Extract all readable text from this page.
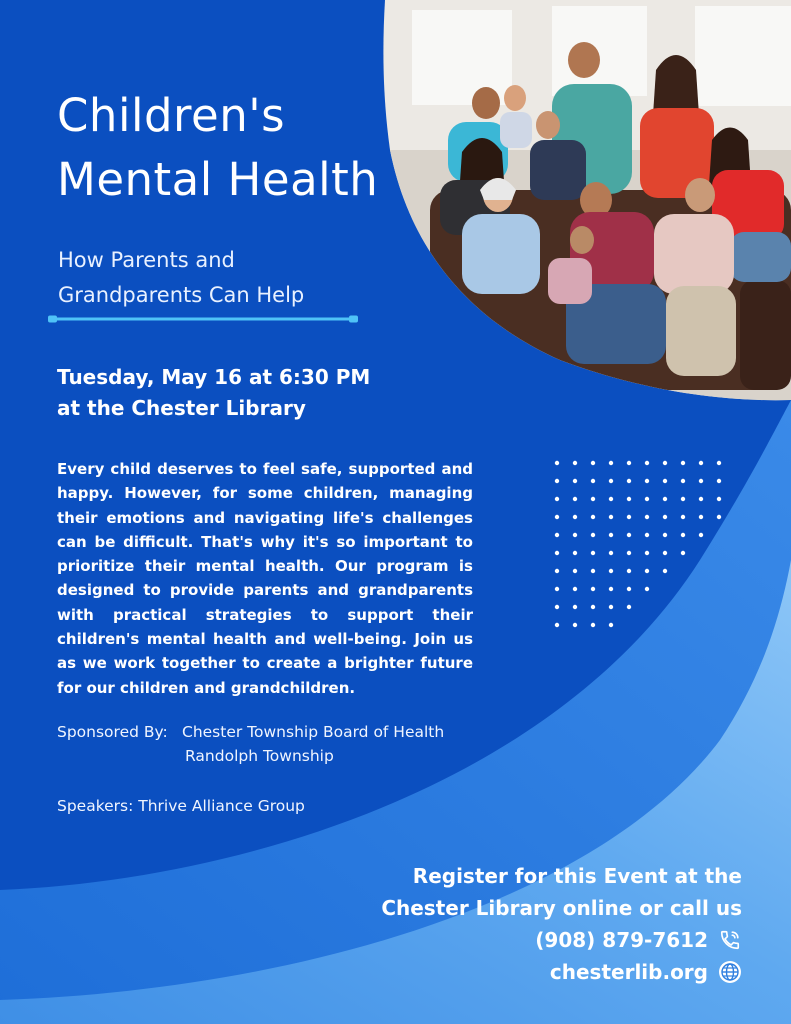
Children's
Mental Health
How Parents and
Grandparents Can Help
Tuesday, May 16 at 6:30 PM
at the Chester Library
Every child deserves to feel safe, supported and happy. However, for some children, managing their emotions and navigating life's challenges can be difficult. That's why it's so important to prioritize their mental health. Our program is designed to provide parents and grandparents with practical strategies to support their children's mental health and well-being. Join us as we work together to create a brighter future for our children and grandchildren.
Sponsored By: Chester Township Board of Health
Randolph Township
Speakers: Thrive Alliance Group
Register for this Event at the
Chester Library online or call us
(908) 879-7612
chesterlib.org
